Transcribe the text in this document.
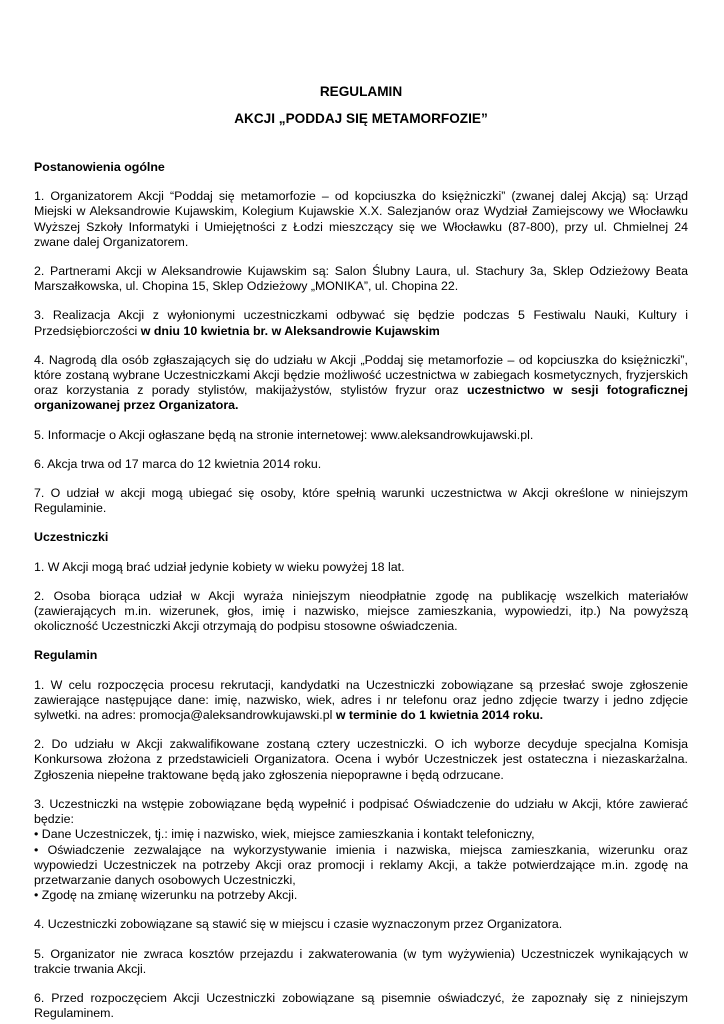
REGULAMIN
AKCJI „PODDAJ SIĘ METAMORFOZIE”

Postanowienia ogólne

1. Organizatorem Akcji “Poddaj się metamorfozie – od kopciuszka do księżniczki” (zwanej dalej Akcją) są: Urząd Miejski w Aleksandrowie Kujawskim, Kolegium Kujawskie X.X. Salezjanów oraz Wydział Zamiejscowy we Włocławku Wyższej Szkoły Informatyki i Umiejętności z Łodzi mieszczący się we Włocławku (87-800), przy ul. Chmielnej 24 zwane dalej Organizatorem.

2. Partnerami Akcji w Aleksandrowie Kujawskim są: Salon Ślubny Laura, ul. Stachury 3a, Sklep Odzieżowy Beata Marszałkowska, ul. Chopina 15, Sklep Odzieżowy „MONIKA”, ul. Chopina 22.

3. Realizacja Akcji z wyłonionymi uczestniczkami odbywać się będzie podczas 5 Festiwalu Nauki, Kultury i Przedsiębiorczości w dniu 10 kwietnia br. w Aleksandrowie Kujawskim

4. Nagrodą dla osób zgłaszających się do udziału w Akcji „Poddaj się metamorfozie – od kopciuszka do księżniczki”, które zostaną wybrane Uczestniczkami Akcji będzie możliwość uczestnictwa w zabiegach kosmetycznych, fryzjerskich oraz korzystania z porady stylistów, makijażystów, stylistów fryzur oraz uczestnictwo w sesji fotograficznej organizowanej przez Organizatora.

5. Informacje o Akcji ogłaszane będą na stronie internetowej: www.aleksandrowkujawski.pl.

6. Akcja trwa od 17 marca do 12 kwietnia 2014 roku.

7. O udział w akcji mogą ubiegać się osoby, które spełnią warunki uczestnictwa w Akcji określone w niniejszym Regulaminie.

Uczestniczki

1. W Akcji mogą brać udział jedynie kobiety w wieku powyżej 18 lat.

2. Osoba biorąca udział w Akcji wyraża niniejszym nieodpłatnie zgodę na publikację wszelkich materiałów (zawierających m.in. wizerunek, głos, imię i nazwisko, miejsce zamieszkania, wypowiedzi, itp.) Na powyższą okoliczność Uczestniczki Akcji otrzymają do podpisu stosowne oświadczenia.

Regulamin

1. W celu rozpoczęcia procesu rekrutacji, kandydatki na Uczestniczki zobowiązane są przesłać swoje zgłoszenie zawierające następujące dane: imię, nazwisko, wiek, adres i nr telefonu oraz jedno zdjęcie twarzy i jedno zdjęcie sylwetki. na adres: promocja@aleksandrowkujawski.pl w terminie do 1 kwietnia 2014 roku.

2. Do udziału w Akcji zakwalifikowane zostaną cztery uczestniczki. O ich wyborze decyduje specjalna Komisja Konkursowa złożona z przedstawicieli Organizatora. Ocena i wybór Uczestniczek jest ostateczna i niezaskarżalna. Zgłoszenia niepełne traktowane będą jako zgłoszenia niepoprawne i będą odrzucane.

3. Uczestniczki na wstępie zobowiązane będą wypełnić i podpisać Oświadczenie do udziału w Akcji, które zawierać będzie:

• Dane Uczestniczek, tj.: imię i nazwisko, wiek, miejsce zamieszkania i kontakt telefoniczny,

• Oświadczenie zezwalające na wykorzystywanie imienia i nazwiska, miejsca zamieszkania, wizerunku oraz wypowiedzi Uczestniczek na potrzeby Akcji oraz promocji i reklamy Akcji, a także potwierdzające m.in. zgodę na przetwarzanie danych osobowych Uczestniczki,

• Zgodę na zmianę wizerunku na potrzeby Akcji.

4. Uczestniczki zobowiązane są stawić się w miejscu i czasie wyznaczonym przez Organizatora.

5. Organizator nie zwraca kosztów przejazdu i zakwaterowania (w tym wyżywienia) Uczestniczek wynikających w trakcie trwania Akcji.

6. Przed rozpoczęciem Akcji Uczestniczki zobowiązane są pisemnie oświadczyć, że zapoznały się z niniejszym Regulaminem.
